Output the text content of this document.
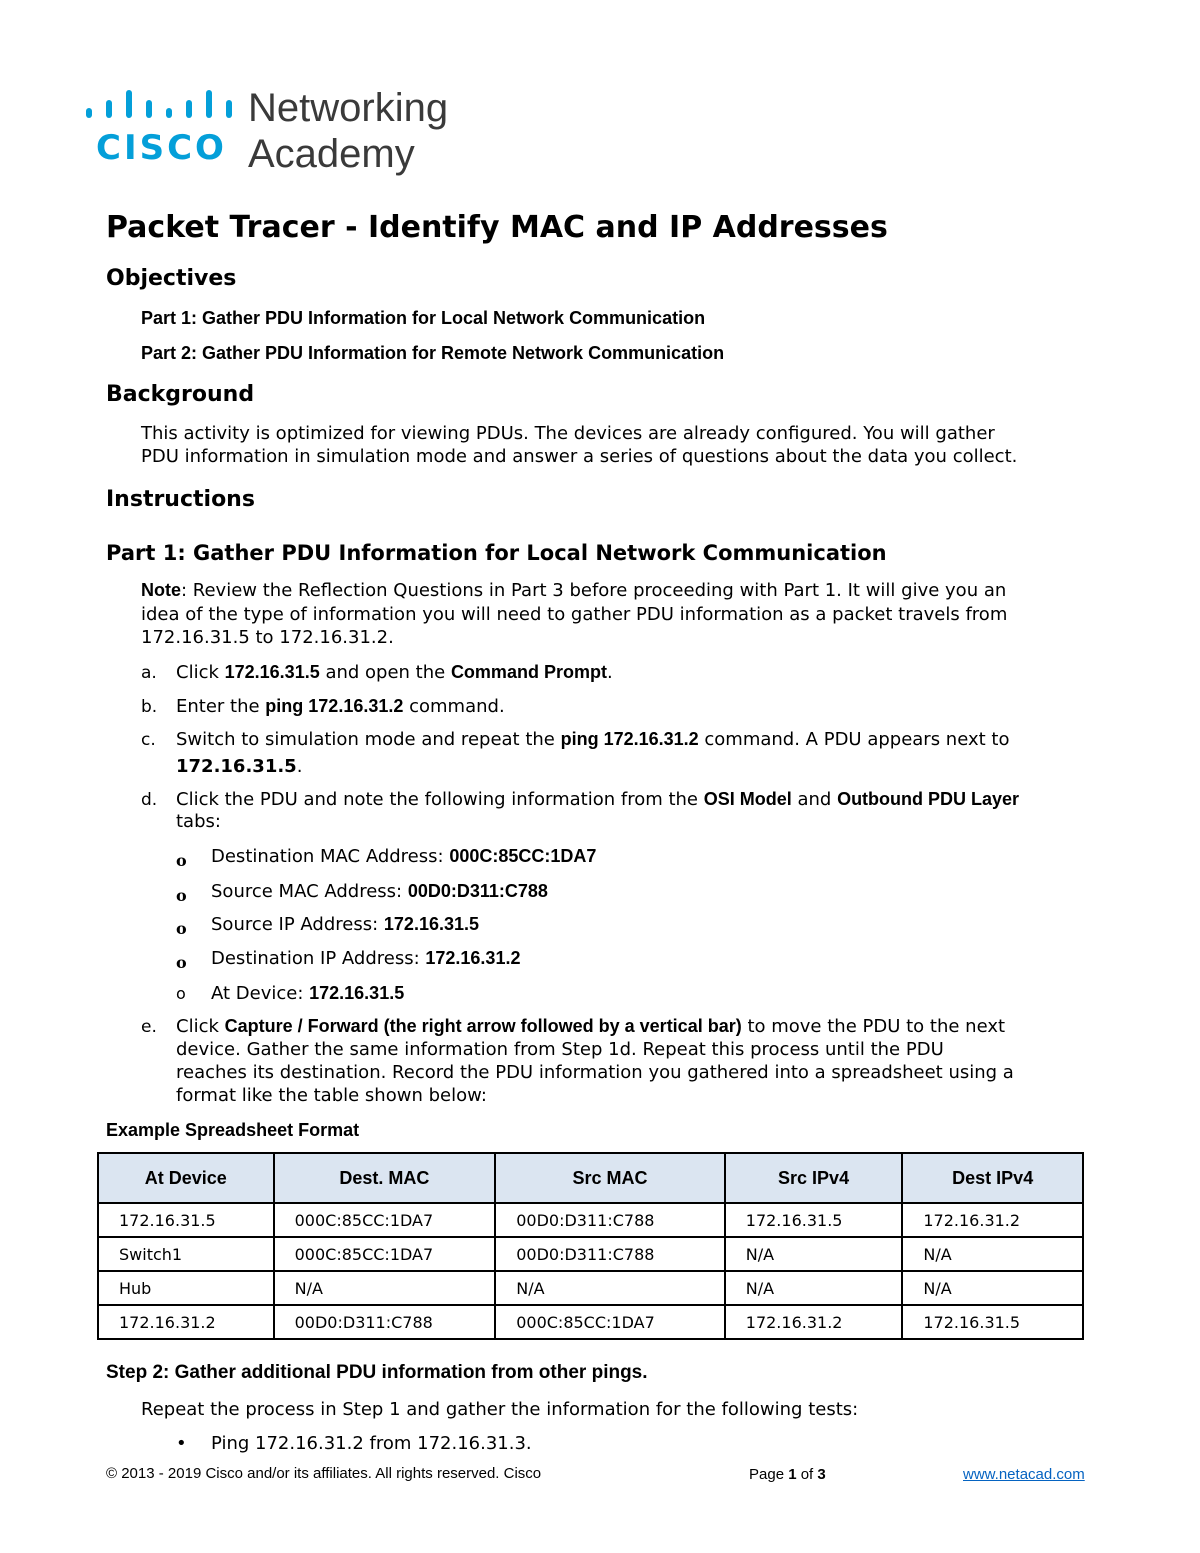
CISCO
Networking
Academy
Packet Tracer - Identify MAC and IP Addresses
Objectives
Part 1: Gather PDU Information for Local Network Communication
Part 2: Gather PDU Information for Remote Network Communication
Background
This activity is optimized for viewing PDUs. The devices are already configured. You will gather
PDU information in simulation mode and answer a series of questions about the data you collect.
Instructions
Part 1: Gather PDU Information for Local Network Communication
Note: Review the Reflection Questions in Part 3 before proceeding with Part 1. It will give you an
idea of the type of information you will need to gather PDU information as a packet travels from
172.16.31.5 to 172.16.31.2.
a. Click 172.16.31.5 and open the Command Prompt.
b. Enter the ping 172.16.31.2 command.
c. Switch to simulation mode and repeat the ping 172.16.31.2 command. A PDU appears next to
172.16.31.5.
d. Click the PDU and note the following information from the OSI Model and Outbound PDU Layer
tabs:
o Destination MAC Address: 000C:85CC:1DA7
o Source MAC Address: 00D0:D311:C788
o Source IP Address: 172.16.31.5
o Destination IP Address: 172.16.31.2
o At Device: 172.16.31.5
e. Click Capture / Forward (the right arrow followed by a vertical bar) to move the PDU to the next
device. Gather the same information from Step 1d. Repeat this process until the PDU
reaches its destination. Record the PDU information you gathered into a spreadsheet using a
format like the table shown below:
Example Spreadsheet Format
At Device	Dest. MAC	Src MAC	Src IPv4	Dest IPv4
172.16.31.5	000C:85CC:1DA7	00D0:D311:C788	172.16.31.5	172.16.31.2
Switch1	000C:85CC:1DA7	00D0:D311:C788	N/A	N/A
Hub	N/A	N/A	N/A	N/A
172.16.31.2	00D0:D311:C788	000C:85CC:1DA7	172.16.31.2	172.16.31.5
Step 2: Gather additional PDU information from other pings.
Repeat the process in Step 1 and gather the information for the following tests:
• Ping 172.16.31.2 from 172.16.31.3.
© 2013 - 2019 Cisco and/or its affiliates. All rights reserved. Cisco	Page 1 of 3	www.netacad.com
